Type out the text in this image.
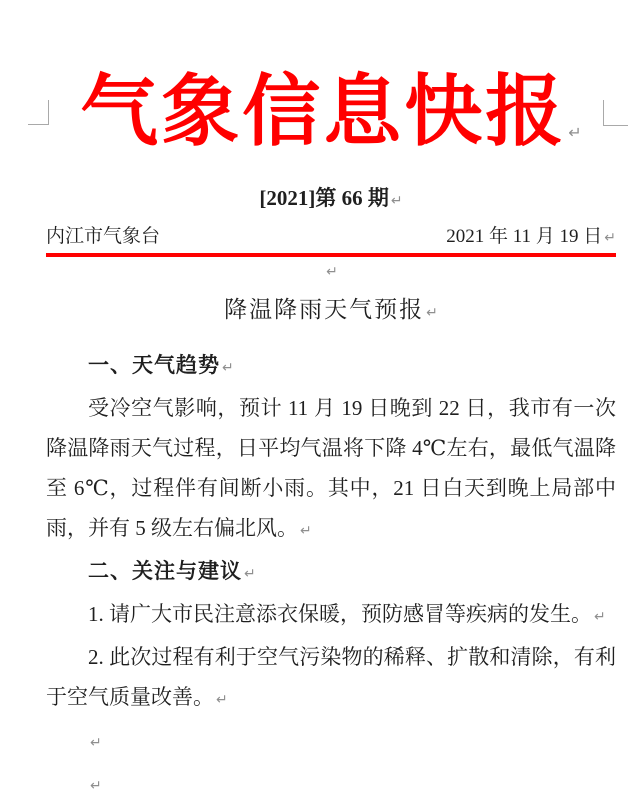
气象信息快报 ↵
[2021]第 66 期 ↵
内江市气象台	2021 年 11 月 19 日 ↵
↵
降温降雨天气预报 ↵
一、天气趋势 ↵

受冷空气影响，预计 11 月 19 日晚到 22 日，我市有一次降温降雨天气过程，日平均气温将下降 4℃左右，最低气温降至 6℃，过程伴有间断小雨。其中，21 日白天到晚上局部中雨，并有 5 级左右偏北风。 ↵

二、关注与建议 ↵

1. 请广大市民注意添衣保暖，预防感冒等疾病的发生。 ↵

2. 此次过程有利于空气污染物的稀释、扩散和清除，有利于空气质量改善。 ↵

↵

↵
